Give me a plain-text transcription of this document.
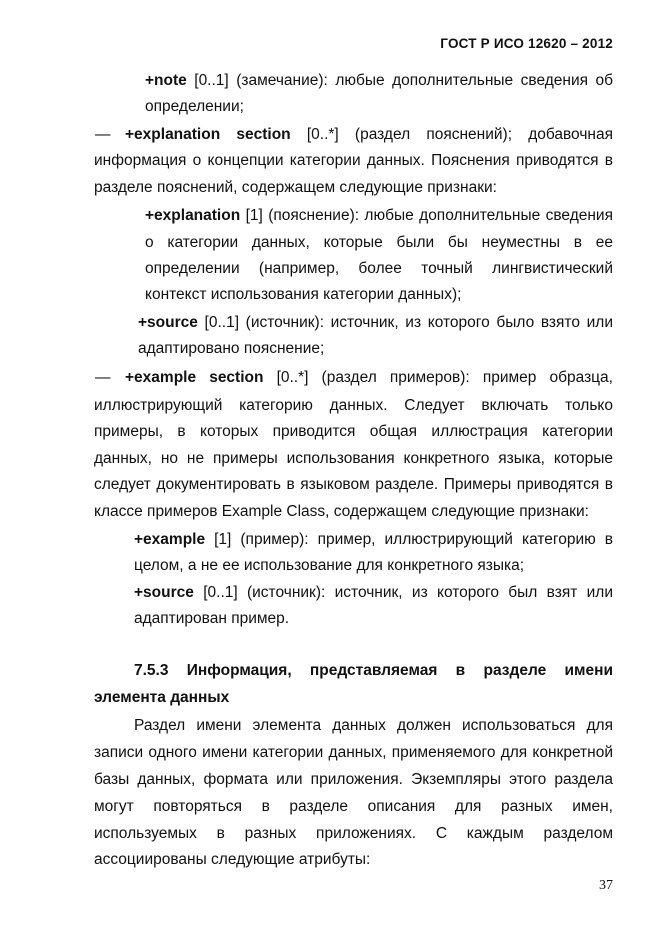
ГОСТ Р ИСО 12620 – 2012
+note [0..1] (замечание): любые дополнительные сведения об
определении;
— +explanation section [0..*] (раздел пояснений); добавочная
информация о концепции категории данных. Пояснения приводятся в
разделе пояснений, содержащем следующие признаки:
+explanation [1] (пояснение): любые дополнительные сведения
о категории данных, которые были бы неуместны в ее
определении (например, более точный лингвистический
контекст использования категории данных);
+source [0..1] (источник): источник, из которого было взято или
адаптировано пояснение;
— +example section [0..*] (раздел примеров): пример образца,
иллюстрирующий категорию данных. Следует включать только
примеры, в которых приводится общая иллюстрация категории
данных, но не примеры использования конкретного языка, которые
следует документировать в языковом разделе. Примеры приводятся в
классе примеров Example Class, содержащем следующие признаки:
+example [1] (пример): пример, иллюстрирующий категорию в
целом, а не ее использование для конкретного языка;
+source [0..1] (источник): источник, из которого был взят или
адаптирован пример.
7.5.3 Информация, представляемая в разделе имени
элемента данных
Раздел имени элемента данных должен использоваться для
записи одного имени категории данных, применяемого для конкретной
базы данных, формата или приложения. Экземпляры этого раздела
могут повторяться в разделе описания для разных имен,
используемых в разных приложениях. С каждым разделом
ассоциированы следующие атрибуты:
37
